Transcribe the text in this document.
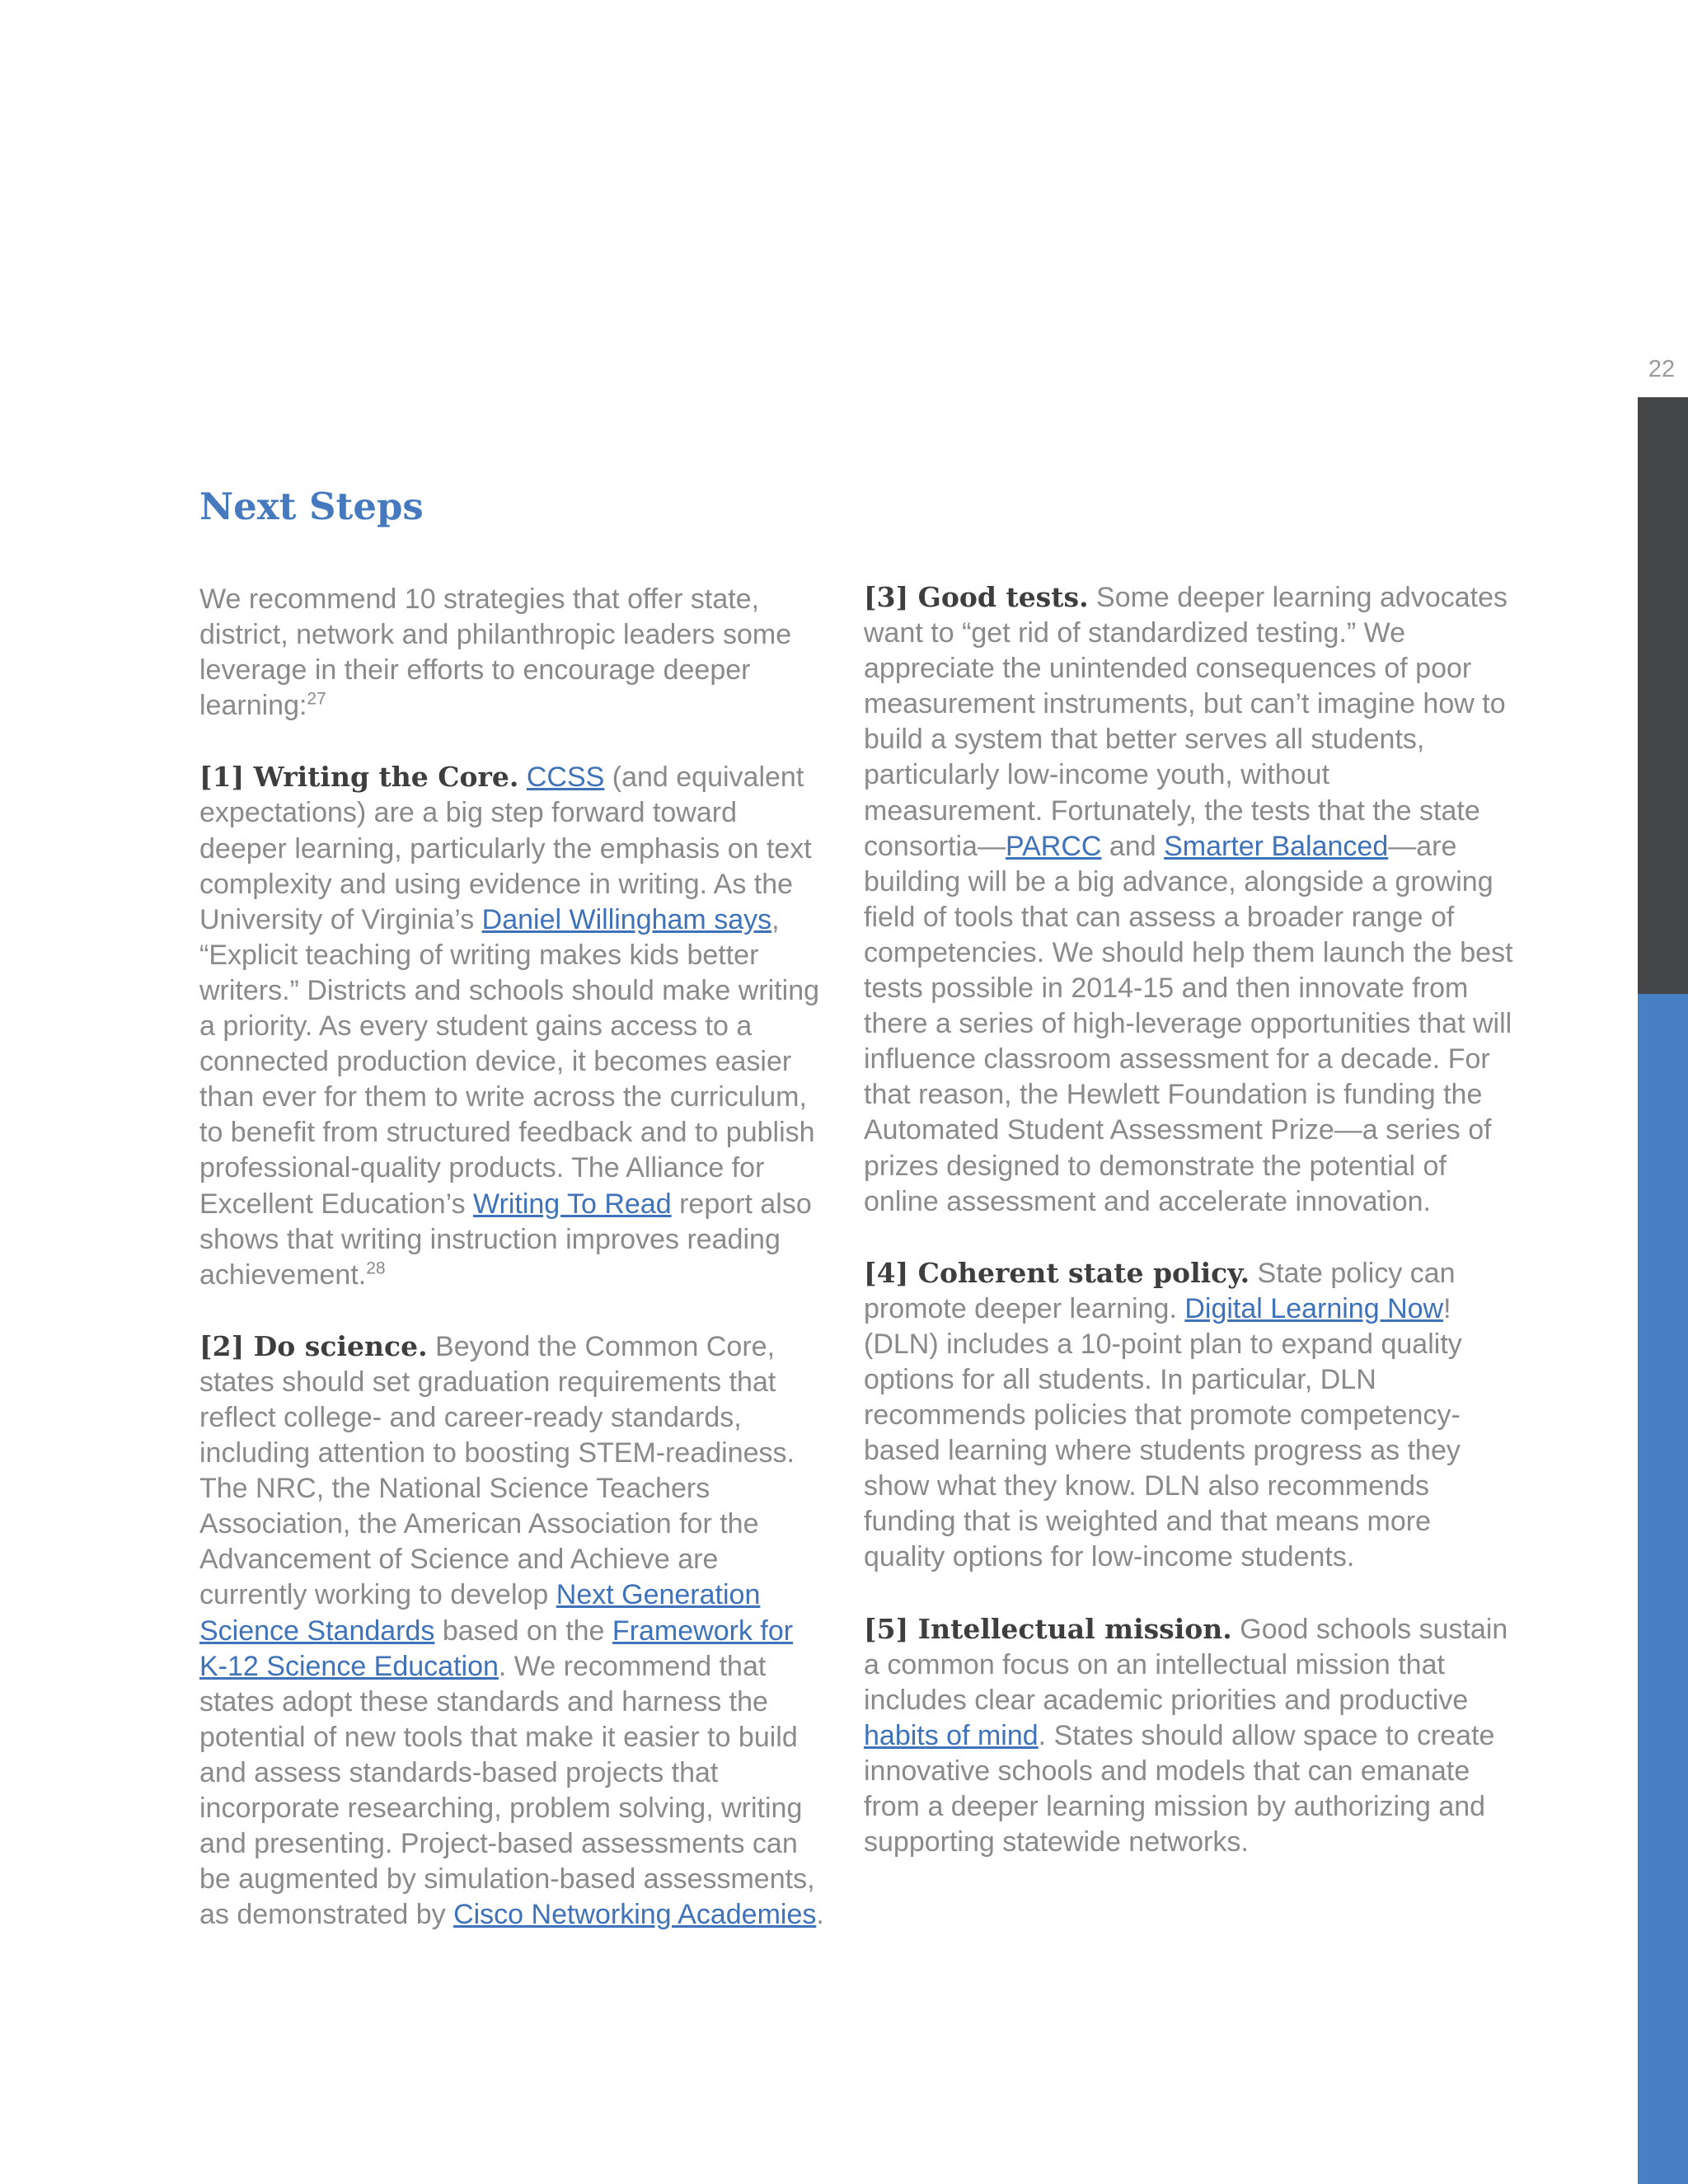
22
Next Steps

We recommend 10 strategies that offer state, district, network and philanthropic leaders some leverage in their efforts to encourage deeper learning:$^{27}$

[1] Writing the Core. CCSS (and equivalent expectations) are a big step forward toward deeper learning, particularly the emphasis on text complexity and using evidence in writing. As the University of Virginia’s Daniel Willingham says, “Explicit teaching of writing makes kids better writers.” Districts and schools should make writing a priority. As every student gains access to a connected production device, it becomes easier than ever for them to write across the curriculum, to benefit from structured feedback and to publish professional-quality products. The Alliance for Excellent Education’s Writing To Read report also shows that writing instruction improves reading achievement.$^{28}$

[2] Do science. Beyond the Common Core, states should set graduation requirements that reflect college- and career-ready standards, including attention to boosting STEM-readiness. The NRC, the National Science Teachers Association, the American Association for the Advancement of Science and Achieve are currently working to develop Next Generation Science Standards based on the Framework for K-12 Science Education. We recommend that states adopt these standards and harness the potential of new tools that make it easier to build and assess standards-based projects that incorporate researching, problem solving, writing and presenting. Project-based assessments can be augmented by simulation-based assessments, as demonstrated by Cisco Networking Academies.

[3] Good tests. Some deeper learning advocates want to “get rid of standardized testing.” We appreciate the unintended consequences of poor measurement instruments, but can’t imagine how to build a system that better serves all students, particularly low-income youth, without measurement. Fortunately, the tests that the state consortia—PARCC and Smarter Balanced—are building will be a big advance, alongside a growing field of tools that can assess a broader range of competencies. We should help them launch the best tests possible in 2014-15 and then innovate from there a series of high-leverage opportunities that will influence classroom assessment for a decade. For that reason, the Hewlett Foundation is funding the Automated Student Assessment Prize—a series of prizes designed to demonstrate the potential of online assessment and accelerate innovation.

[4] Coherent state policy. State policy can promote deeper learning. Digital Learning Now! (DLN) includes a 10-point plan to expand quality options for all students. In particular, DLN recommends policies that promote competency-based learning where students progress as they show what they know. DLN also recommends funding that is weighted and that means more quality options for low-income students.

[5] Intellectual mission. Good schools sustain a common focus on an intellectual mission that includes clear academic priorities and productive habits of mind. States should allow space to create innovative schools and models that can emanate from a deeper learning mission by authorizing and supporting statewide networks.
